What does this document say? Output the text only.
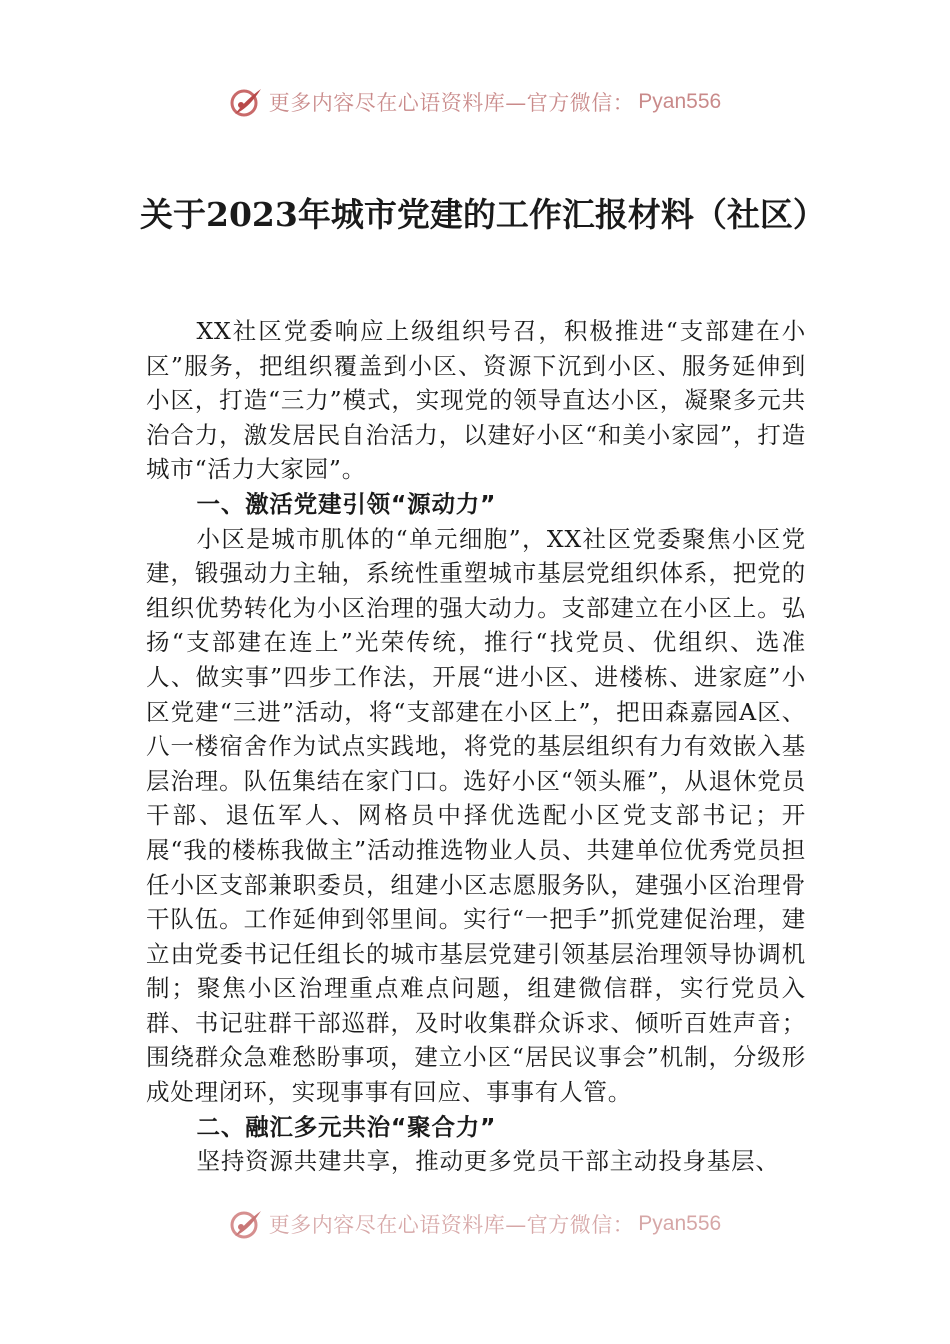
更多内容尽在心语资料库—官方微信： Pyan556
关于2023年城市党建的工作汇报材料（社区）

XX社区党委响应上级组织号召，积极推进“支部建在小区”服务，把组织覆盖到小区、资源下沉到小区、服务延伸到小区，打造“三力”模式，实现党的领导直达小区，凝聚多元共治合力，激发居民自治活力，以建好小区“和美小家园”，打造城市“活力大家园”。

一、激活党建引领“源动力”

小区是城市肌体的“单元细胞”，XX社区党委聚焦小区党建，锻强动力主轴，系统性重塑城市基层党组织体系，把党的组织优势转化为小区治理的强大动力。支部建立在小区上。弘扬“支部建在连上”光荣传统，推行“找党员、优组织、选准人、做实事”四步工作法，开展“进小区、进楼栋、进家庭”小区党建“三进”活动，将“支部建在小区上”，把田森嘉园A区、八一楼宿舍作为试点实践地，将党的基层组织有力有效嵌入基层治理。队伍集结在家门口。选好小区“领头雁”，从退休党员干部、退伍军人、网格员中择优选配小区党支部书记；开展“我的楼栋我做主”活动推选物业人员、共建单位优秀党员担任小区支部兼职委员，组建小区志愿服务队，建强小区治理骨干队伍。工作延伸到邻里间。实行“一把手”抓党建促治理，建立由党委书记任组长的城市基层党建引领基层治理领导协调机制；聚焦小区治理重点难点问题，组建微信群，实行党员入群、书记驻群干部巡群，及时收集群众诉求、倾听百姓声音；围绕群众急难愁盼事项，建立小区“居民议事会”机制，分级形成处理闭环，实现事事有回应、事事有人管。

二、融汇多元共治“聚合力”

坚持资源共建共享，推动更多党员干部主动投身基层、

更多内容尽在心语资料库—官方微信： Pyan556
